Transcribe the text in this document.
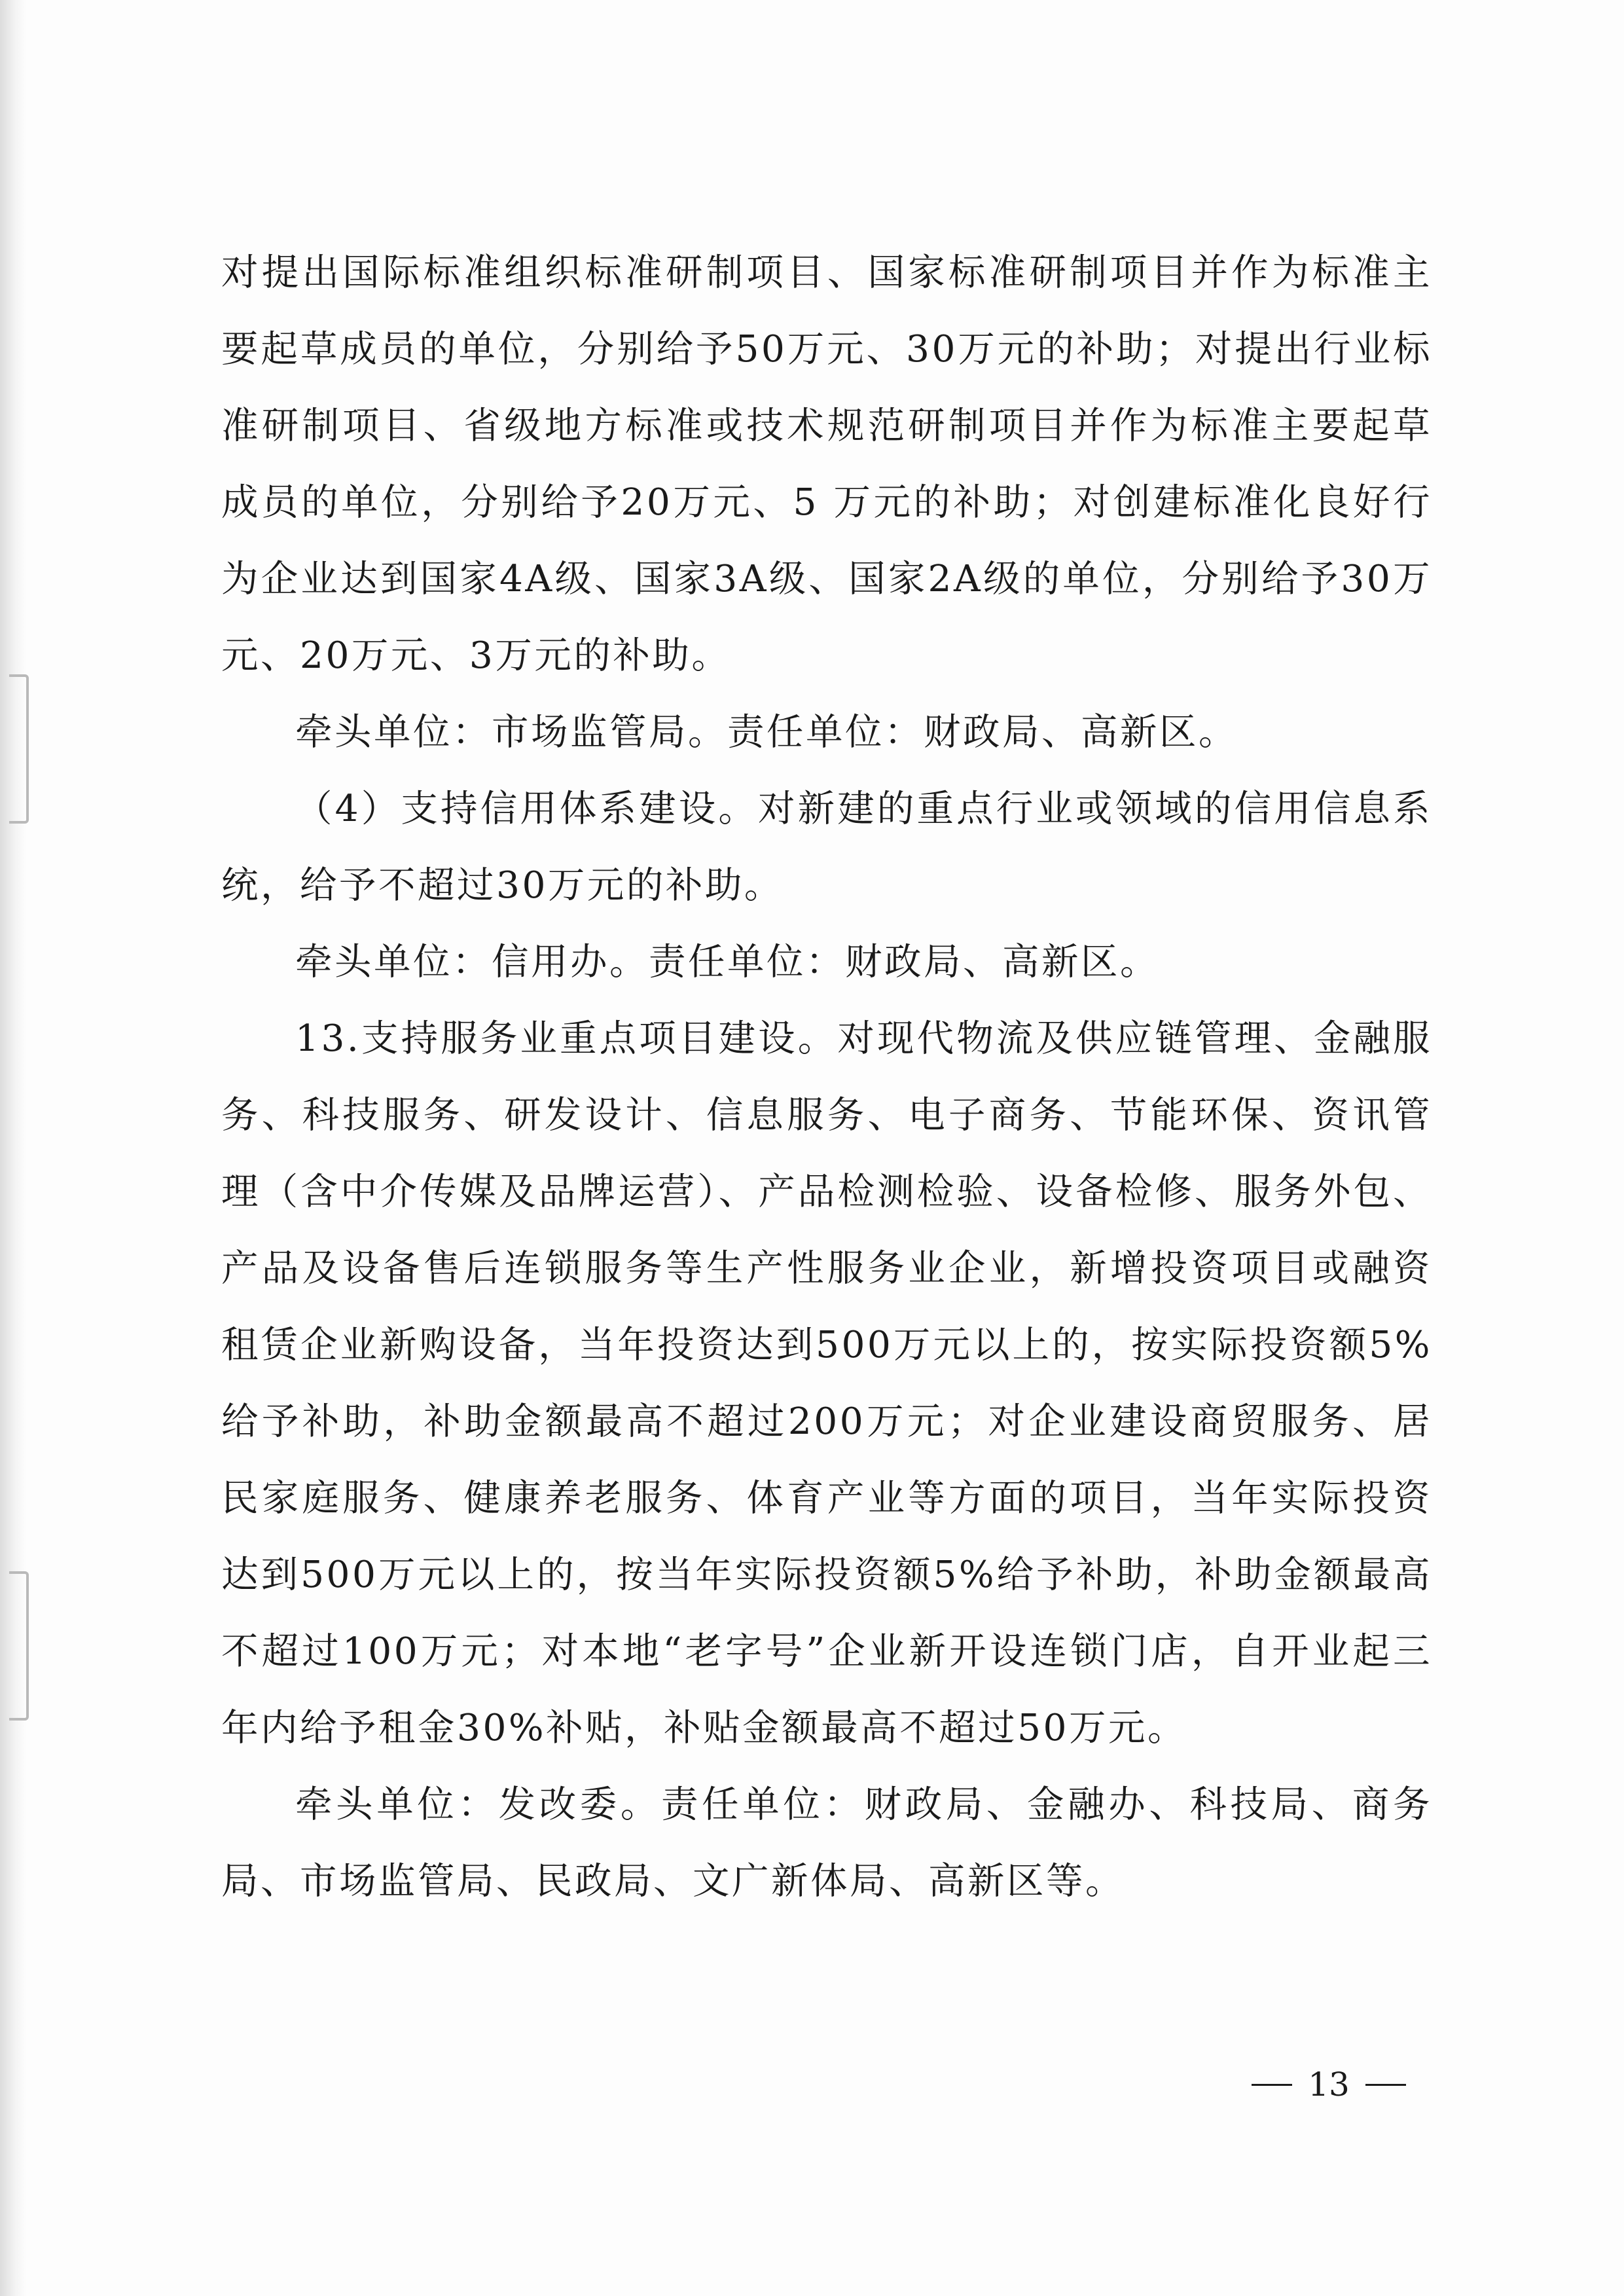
对提出国际标准组织标准研制项目、国家标准研制项目并作为标准主要起草成员的单位，分别给予50万元、30万元的补助；对提出行业标准研制项目、省级地方标准或技术规范研制项目并作为标准主要起草成员的单位，分别给予20万元、5 万元的补助；对创建标准化良好行为企业达到国家4A级、国家3A级、国家2A级的单位，分别给予30万元、20万元、3万元的补助。

牵头单位：市场监管局。责任单位：财政局、高新区。

（4）支持信用体系建设。对新建的重点行业或领域的信用信息系统，给予不超过30万元的补助。

牵头单位：信用办。责任单位：财政局、高新区。

13.支持服务业重点项目建设。对现代物流及供应链管理、金融服务、科技服务、研发设计、信息服务、电子商务、节能环保、资讯管理（含中介传媒及品牌运营）、产品检测检验、设备检修、服务外包、产品及设备售后连锁服务等生产性服务业企业，新增投资项目或融资租赁企业新购设备，当年投资达到500万元以上的，按实际投资额5%给予补助，补助金额最高不超过200万元；对企业建设商贸服务、居民家庭服务、健康养老服务、体育产业等方面的项目，当年实际投资达到500万元以上的，按当年实际投资额5%给予补助，补助金额最高不超过100万元；对本地“老字号”企业新开设连锁门店，自开业起三年内给予租金30%补贴，补贴金额最高不超过50万元。

牵头单位：发改委。责任单位：财政局、金融办、科技局、商务局、市场监管局、民政局、文广新体局、高新区等。

13
